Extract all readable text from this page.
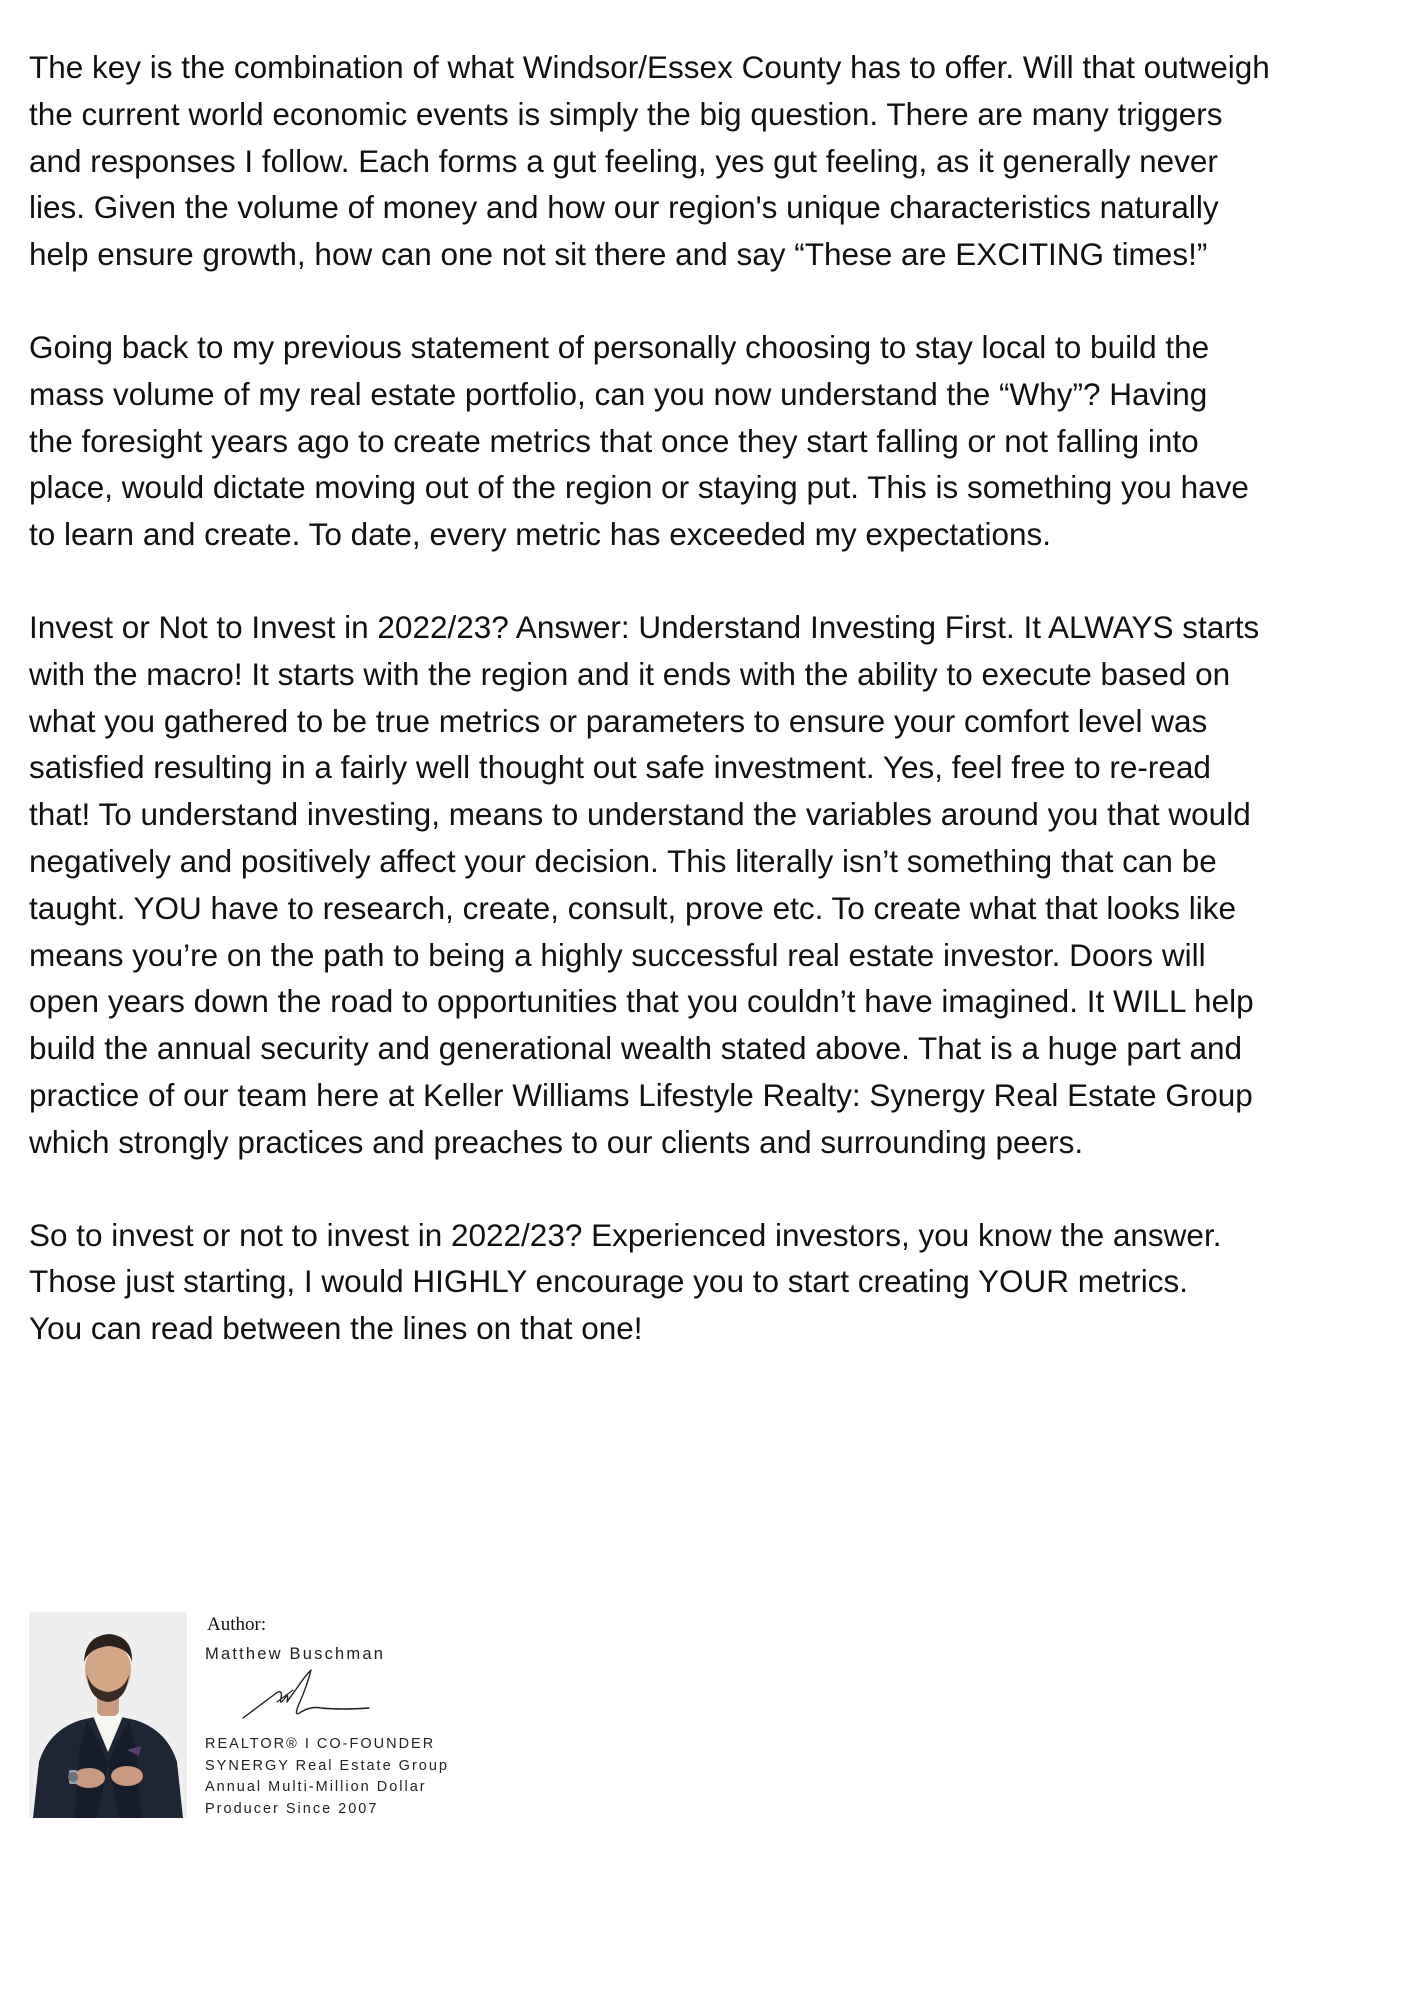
The key is the combination of what Windsor/Essex County has to offer. Will that outweigh
the current world economic events is simply the big question. There are many triggers
and responses I follow. Each forms a gut feeling, yes gut feeling, as it generally never
lies. Given the volume of money and how our region's unique characteristics naturally
help ensure growth, how can one not sit there and say “These are EXCITING times!”
Going back to my previous statement of personally choosing to stay local to build the
mass volume of my real estate portfolio, can you now understand the “Why”? Having
the foresight years ago to create metrics that once they start falling or not falling into
place, would dictate moving out of the region or staying put. This is something you have
to learn and create. To date, every metric has exceeded my expectations.
Invest or Not to Invest in 2022/23? Answer: Understand Investing First. It ALWAYS starts
with the macro! It starts with the region and it ends with the ability to execute based on
what you gathered to be true metrics or parameters to ensure your comfort level was
satisfied resulting in a fairly well thought out safe investment. Yes, feel free to re-read
that! To understand investing, means to understand the variables around you that would
negatively and positively affect your decision. This literally isn’t something that can be
taught. YOU have to research, create, consult, prove etc. To create what that looks like
means you’re on the path to being a highly successful real estate investor. Doors will
open years down the road to opportunities that you couldn’t have imagined. It WILL help
build the annual security and generational wealth stated above. That is a huge part and
practice of our team here at Keller Williams Lifestyle Realty: Synergy Real Estate Group
which strongly practices and preaches to our clients and surrounding peers.
So to invest or not to invest in 2022/23? Experienced investors, you know the answer.
Those just starting, I would HIGHLY encourage you to start creating YOUR metrics.
You can read between the lines on that one!
Author:
Matthew Buschman
REALTOR® I CO-FOUNDER
SYNERGY Real Estate Group
Annual Multi-Million Dollar
Producer Since 2007
